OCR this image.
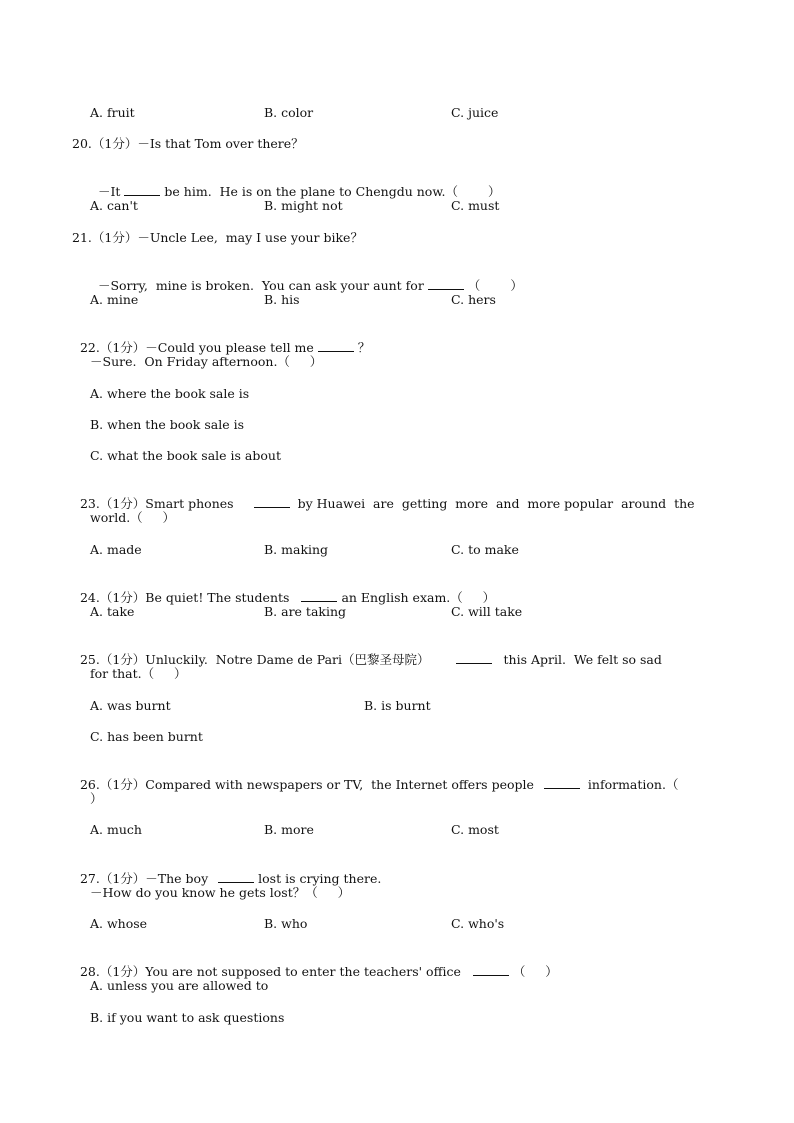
A. fruit	B. color	C. juice
20.（1分）－Is that Tom over there？

－It	be him.  He is on the plane to Chengdu now.（ ）

A. can't	B. might not	C. must
21.（1分）－Uncle Lee,  may I use your bike？

－Sorry,  mine is broken.  You can ask your aunt for	（ ）

A. mine	B. his	C. hers

22.（1分）－Could you please tell me	？

－Sure.  On Friday afternoon.（     ）
A. where the book sale is
B. when the book sale is
C. what the book sale is about

23.（1分）Smart phones	by Huawei  are  getting  more  and  more popular  around  the

world.（     ）
A. made	B. making	C. to make

24.（1分）Be quiet! The students	an English exam.（     ）

A. take	B. are taking	C. will take

25.（1分）Unluckily.  Notre Dame de Pari（巴黎圣母院）	this April.  We felt so sad

for that.（     ）
A. was burnt	B. is burnt
C. has been burnt

26.（1分）Compared with newspapers or TV,  the Internet offers people	information.（

）
A. much	B. more	C. most

27.（1分）－The boy	lost is crying there.

－How do you know he gets lost？（     ）
A. whose	B. who	C. who's

28.（1分）You are not supposed to enter the teachers' office	（     ）

A. unless you are allowed to
B. if you want to ask questions
